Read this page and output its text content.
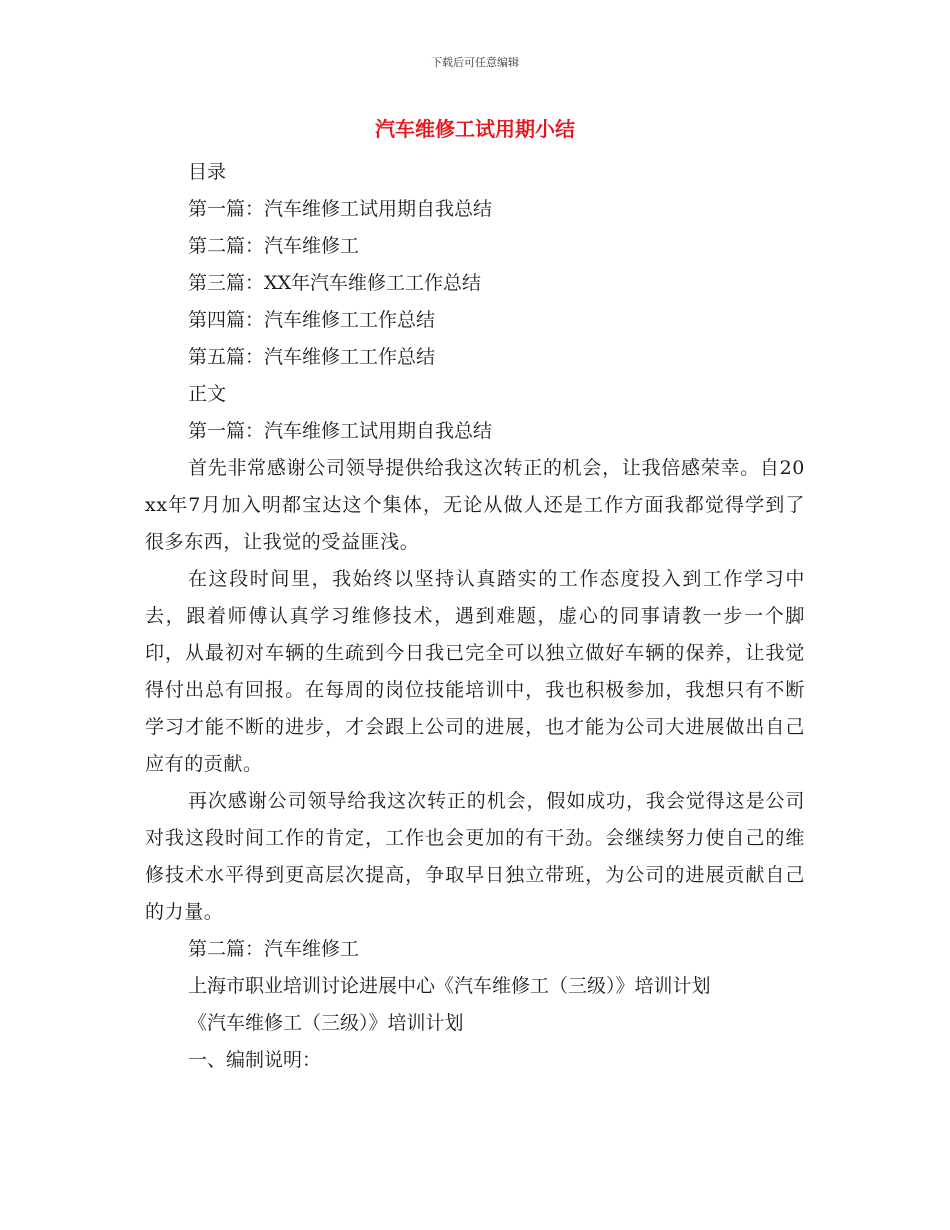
下载后可任意编辑
汽车维修工试用期小结

目录

第一篇：汽车维修工试用期自我总结

第二篇：汽车维修工

第三篇：XX年汽车维修工工作总结

第四篇：汽车维修工工作总结

第五篇：汽车维修工工作总结

正文

第一篇：汽车维修工试用期自我总结

首先非常感谢公司领导提供给我这次转正的机会，让我倍感荣幸。自20xx年7月加入明都宝达这个集体，无论从做人还是工作方面我都觉得学到了很多东西，让我觉的受益匪浅。

在这段时间里，我始终以坚持认真踏实的工作态度投入到工作学习中去，跟着师傅认真学习维修技术，遇到难题，虚心的同事请教一步一个脚印，从最初对车辆的生疏到今日我已完全可以独立做好车辆的保养，让我觉得付出总有回报。在每周的岗位技能培训中，我也积极参加，我想只有不断学习才能不断的进步，才会跟上公司的进展，也才能为公司大进展做出自己应有的贡献。

再次感谢公司领导给我这次转正的机会，假如成功，我会觉得这是公司对我这段时间工作的肯定，工作也会更加的有干劲。会继续努力使自己的维修技术水平得到更高层次提高，争取早日独立带班，为公司的进展贡献自己的力量。

第二篇：汽车维修工

上海市职业培训讨论进展中心《汽车维修工（三级）》培训计划

《汽车维修工（三级）》培训计划

一、编制说明：
